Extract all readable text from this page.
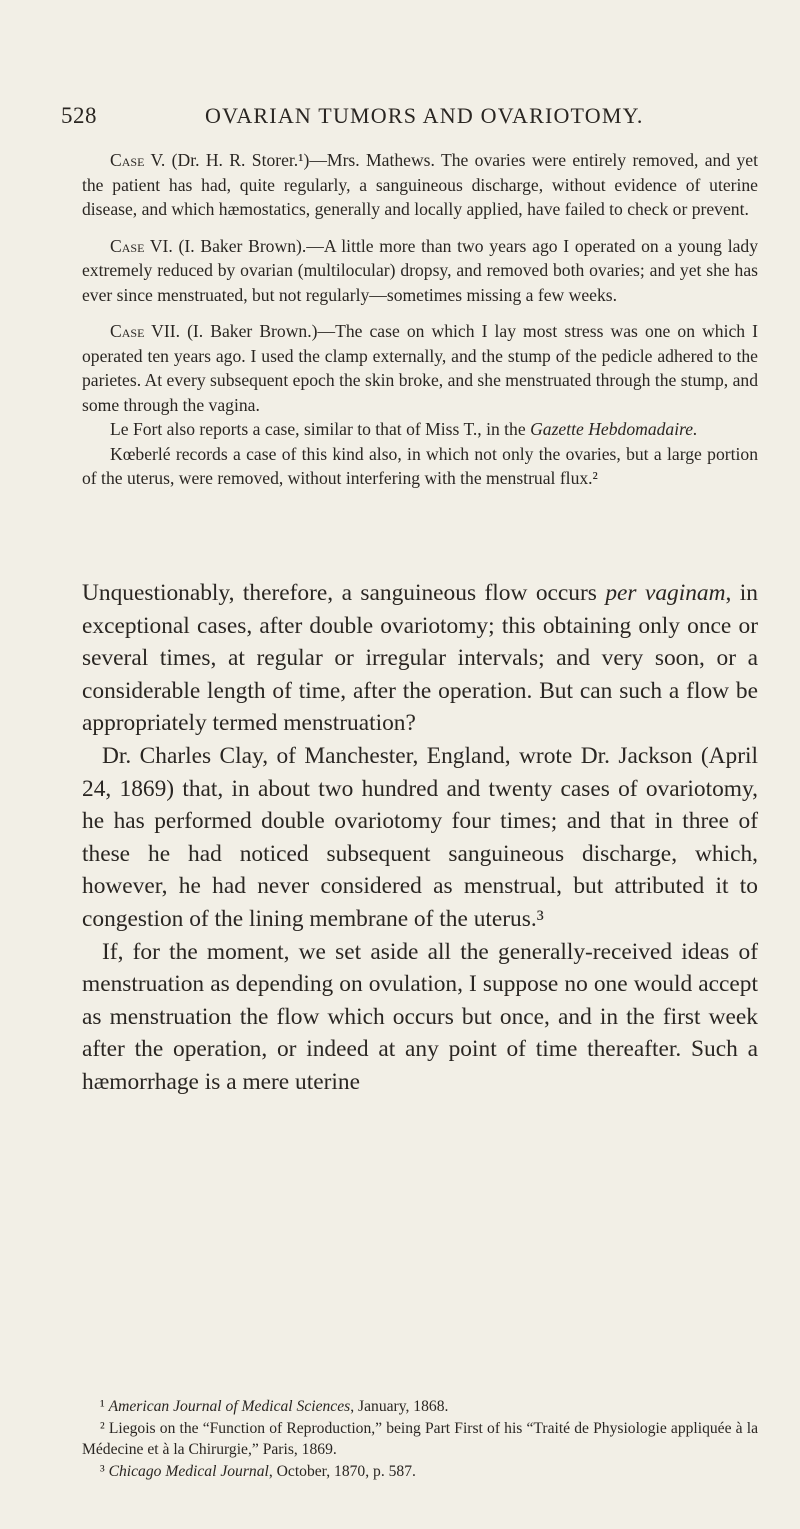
528	OVARIAN TUMORS AND OVARIOTOMY.

Case V. (Dr. H. R. Storer.¹)—Mrs. Mathews. The ovaries were entirely removed, and yet the patient has had, quite regularly, a sanguineous discharge, without evidence of uterine disease, and which hæmostatics, generally and locally applied, have failed to check or prevent.

Case VI. (I. Baker Brown).—A little more than two years ago I operated on a young lady extremely reduced by ovarian (multilocular) dropsy, and removed both ovaries; and yet she has ever since menstruated, but not regularly—sometimes missing a few weeks.

Case VII. (I. Baker Brown.)—The case on which I lay most stress was one on which I operated ten years ago. I used the clamp externally, and the stump of the pedicle adhered to the parietes. At every subsequent epoch the skin broke, and she menstruated through the stump, and some through the vagina.

Le Fort also reports a case, similar to that of Miss T., in the Gazette Hebdomadaire.

Kœberlé records a case of this kind also, in which not only the ovaries, but a large portion of the uterus, were removed, without interfering with the menstrual flux.²

Unquestionably, therefore, a sanguineous flow occurs per vaginam, in exceptional cases, after double ovariotomy; this obtaining only once or several times, at regular or irregular intervals; and very soon, or a considerable length of time, after the operation. But can such a flow be appropriately termed menstruation?

Dr. Charles Clay, of Manchester, England, wrote Dr. Jackson (April 24, 1869) that, in about two hundred and twenty cases of ovariotomy, he has performed double ovariotomy four times; and that in three of these he had noticed subsequent sanguineous discharge, which, however, he had never considered as menstrual, but attributed it to congestion of the lining membrane of the uterus.³

If, for the moment, we set aside all the generally-received ideas of menstruation as depending on ovulation, I suppose no one would accept as menstruation the flow which occurs but once, and in the first week after the operation, or indeed at any point of time thereafter. Such a hæmorrhage is a mere uterine

¹ American Journal of Medical Sciences, January, 1868.

² Liegois on the “Function of Reproduction,” being Part First of his “Traité de Physiologie appliquée à la Médecine et à la Chirurgie,” Paris, 1869.

³ Chicago Medical Journal, October, 1870, p. 587.
